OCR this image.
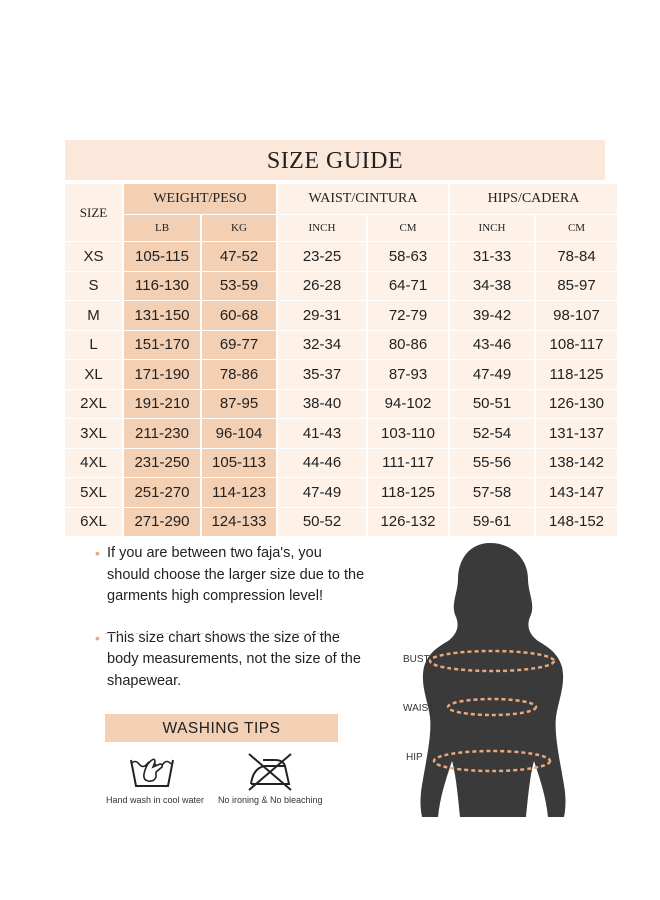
SIZE GUIDE
SIZE
WEIGHT/PESO	WAIST/CINTURA	HIPS/CADERA
LB	KG	INCH	CM	INCH	CM
XS	105-115	47-52	23-25	58-63	31-33	78-84
S	116-130	53-59	26-28	64-71	34-38	85-97
M	131-150	60-68	29-31	72-79	39-42	98-107
L	151-170	69-77	32-34	80-86	43-46	108-117
XL	171-190	78-86	35-37	87-93	47-49	118-125
2XL	191-210	87-95	38-40	94-102	50-51	126-130
3XL	211-230	96-104	41-43	103-110	52-54	131-137
4XL	231-250	105-113	44-46	111-117	55-56	138-142
5XL	251-270	114-123	47-49	118-125	57-58	143-147
6XL	271-290	124-133	50-52	126-132	59-61	148-152
• If you are between two faja's, you should choose the larger size due to the garments high compression level!
• This size chart shows the size of the body measurements, not the size of the shapewear.
WASHING TIPS
Hand wash in cool water No ironing & No bleaching
BUST
WAIST
HIP
